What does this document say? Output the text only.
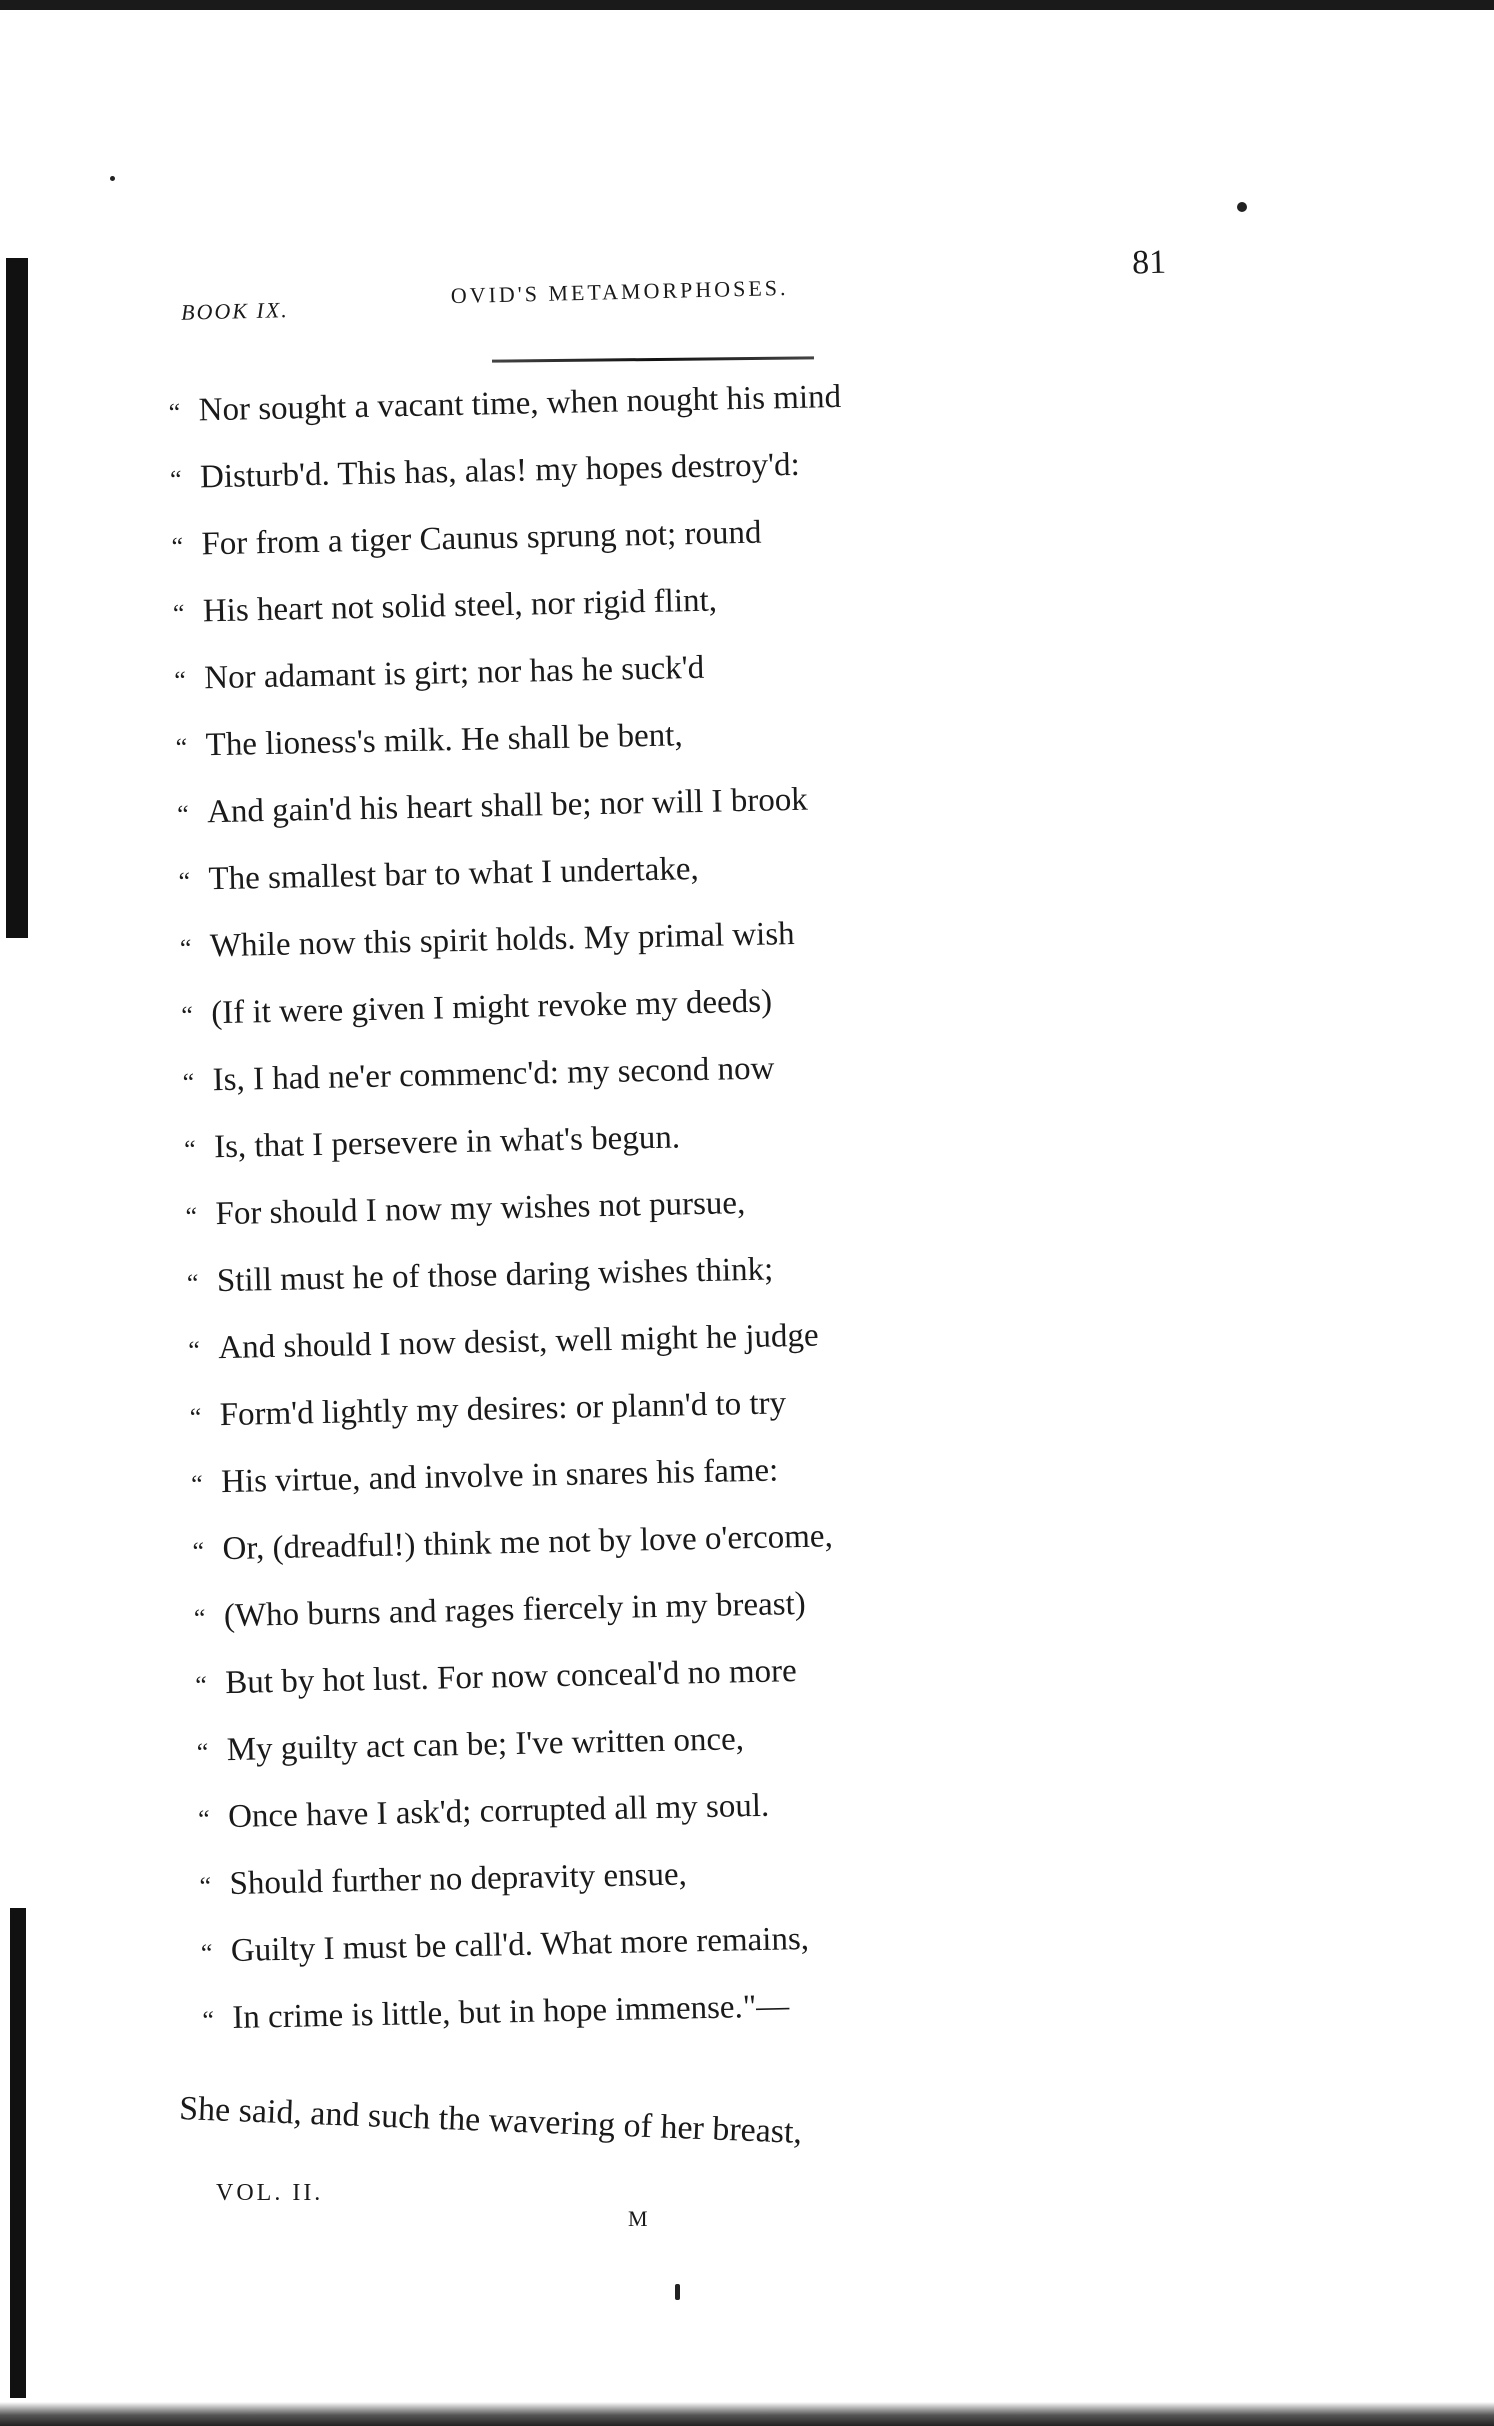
BOOK IX.
OVID'S METAMORPHOSES.
81
“ Nor sought a vacant time, when nought his mind
“ Disturb'd. This has, alas! my hopes destroy'd:
“ For from a tiger Caunus sprung not; round
“ His heart not solid steel, nor rigid flint,
“ Nor adamant is girt; nor has he suck'd
“ The lioness's milk. He shall be bent,
“ And gain'd his heart shall be; nor will I brook
“ The smallest bar to what I undertake,
“ While now this spirit holds. My primal wish
“ (If it were given I might revoke my deeds)
“ Is, I had ne'er commenc'd: my second now
“ Is, that I persevere in what's begun.
“ For should I now my wishes not pursue,
“ Still must he of those daring wishes think;
“ And should I now desist, well might he judge
“ Form'd lightly my desires: or plann'd to try
“ His virtue, and involve in snares his fame:
“ Or, (dreadful!) think me not by love o'ercome,
“ (Who burns and rages fiercely in my breast)
“ But by hot lust. For now conceal'd no more
“ My guilty act can be; I've written once,
“ Once have I ask'd; corrupted all my soul.
“ Should further no depravity ensue,
“ Guilty I must be call'd. What more remains,
“ In crime is little, but in hope immense."—
She said, and such the wavering of her breast,
VOL. II.
M
